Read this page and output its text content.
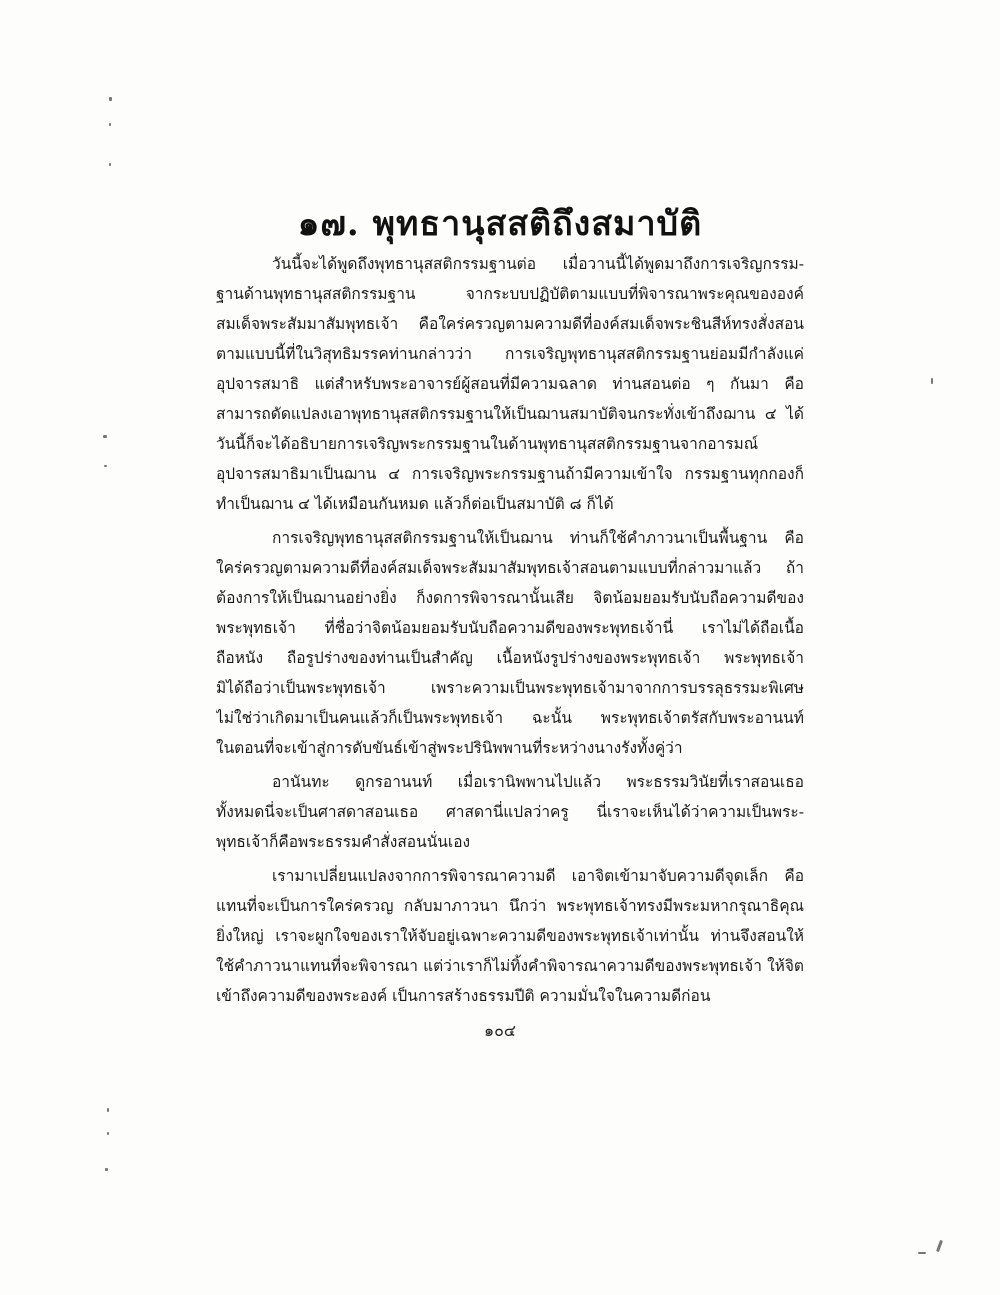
๑๗. พุทธานุสสติถึงสมาบัติ
วันนี้จะได้พูดถึงพุทธานุสสติกรรมฐานต่อ เมื่อวานนี้ได้พูดมาถึงการเจริญกรรม-
ฐานด้านพุทธานุสสติกรรมฐาน จากระบบปฏิบัติตามแบบที่พิจารณาพระคุณขององค์
สมเด็จพระสัมมาสัมพุทธเจ้า คือใคร่ครวญตามความดีที่องค์สมเด็จพระชินสีห์ทรงสั่งสอน
ตามแบบนี้ที่ในวิสุทธิมรรคท่านกล่าวว่า การเจริญพุทธานุสสติกรรมฐานย่อมมีกำลังแค่
อุปจารสมาธิ แต่สำหรับพระอาจารย์ผู้สอนที่มีความฉลาด ท่านสอนต่อ ๆ กันมา คือ
สามารถดัดแปลงเอาพุทธานุสสติกรรมฐานให้เป็นฌานสมาบัติจนกระทั่งเข้าถึงฌาน ๔ ได้
วันนี้ก็จะได้อธิบายการเจริญพระกรรมฐานในด้านพุทธานุสสติกรรมฐานจากอารมณ์
อุปจารสมาธิมาเป็นฌาน ๔ การเจริญพระกรรมฐานถ้ามีความเข้าใจ กรรมฐานทุกกองก็
ทำเป็นฌาน ๔ ได้เหมือนกันหมด แล้วก็ต่อเป็นสมาบัติ ๘ ก็ได้
การเจริญพุทธานุสสติกรรมฐานให้เป็นฌาน ท่านก็ใช้คำภาวนาเป็นพื้นฐาน คือ
ใคร่ครวญตามความดีที่องค์สมเด็จพระสัมมาสัมพุทธเจ้าสอนตามแบบที่กล่าวมาแล้ว ถ้า
ต้องการให้เป็นฌานอย่างยิ่ง ก็งดการพิจารณานั้นเสีย จิตน้อมยอมรับนับถือความดีของ
พระพุทธเจ้า ที่ชื่อว่าจิตน้อมยอมรับนับถือความดีของพระพุทธเจ้านี่ เราไม่ได้ถือเนื้อ
ถือหนัง ถือรูปร่างของท่านเป็นสำคัญ เนื้อหนังรูปร่างของพระพุทธเจ้า พระพุทธเจ้า
มิได้ถือว่าเป็นพระพุทธเจ้า เพราะความเป็นพระพุทธเจ้ามาจากการบรรลุธรรมะพิเศษ
ไม่ใช่ว่าเกิดมาเป็นคนแล้วก็เป็นพระพุทธเจ้า ฉะนั้น พระพุทธเจ้าตรัสกับพระอานนท์
ในตอนที่จะเข้าสู่การดับขันธ์เข้าสู่พระปรินิพพานที่ระหว่างนางรังทั้งคู่ว่า
อานันทะ ดูกรอานนท์ เมื่อเรานิพพานไปแล้ว พระธรรมวินัยที่เราสอนเธอ
ทั้งหมดนี่จะเป็นศาสดาสอนเธอ ศาสดานี่แปลว่าครู นี่เราจะเห็นได้ว่าความเป็นพระ-
พุทธเจ้าก็คือพระธรรมคำสั่งสอนนั่นเอง
เรามาเปลี่ยนแปลงจากการพิจารณาความดี เอาจิตเข้ามาจับความดีจุดเล็ก คือ
แทนที่จะเป็นการใคร่ครวญ กลับมาภาวนา นึกว่า พระพุทธเจ้าทรงมีพระมหากรุณาธิคุณ
ยิ่งใหญ่ เราจะผูกใจของเราให้จับอยู่เฉพาะความดีของพระพุทธเจ้าเท่านั้น ท่านจึงสอนให้
ใช้คำภาวนาแทนที่จะพิจารณา แต่ว่าเราก็ไม่ทิ้งคำพิจารณาความดีของพระพุทธเจ้า ให้จิต
เข้าถึงความดีของพระองค์ เป็นการสร้างธรรมปีติ ความมั่นใจในความดีก่อน
๑๐๔
